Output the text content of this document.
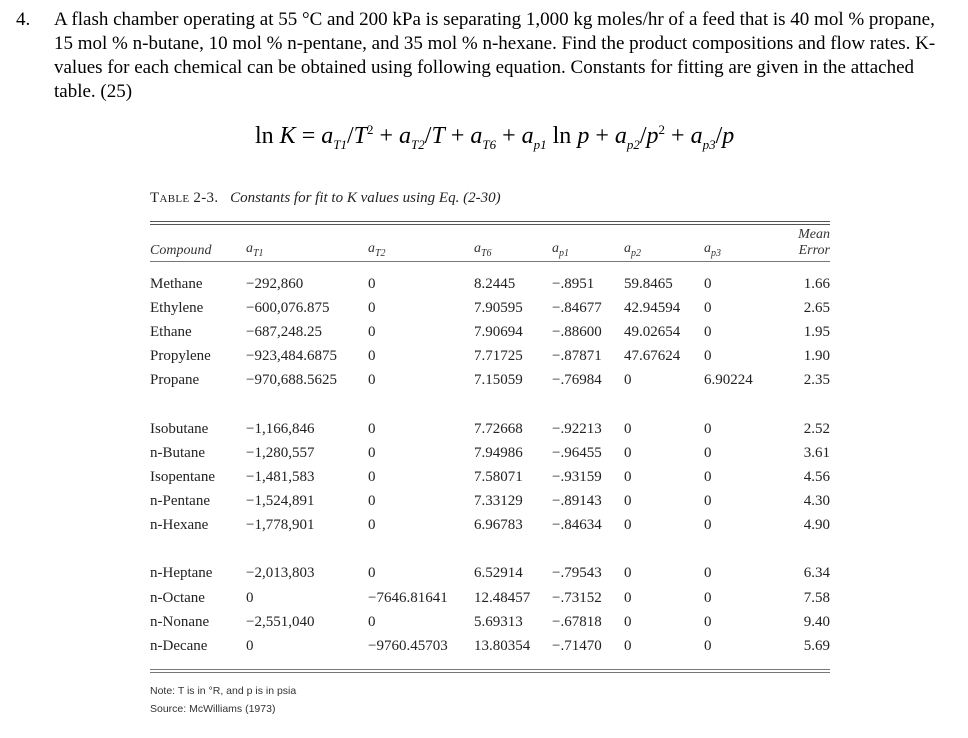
4. A flash chamber operating at 55 °C and 200 kPa is separating 1,000 kg moles/hr of a feed that is 40 mol % propane, 15 mol % n-butane, 10 mol % n-pentane, and 35 mol % n-hexane. Find the product compositions and flow rates. K-values for each chemical can be obtained using following equation. Constants for fitting are given in the attached table. (25)
$\ln K = a_{T1}/T^2 + a_{T2}/T + a_{T6} + a_{p1}$ $\ln p + a_{p2}/p^2 + a_{p3}/p$
Table 2-3. Constants for fit to K values using Eq. (2-30)
Compound	$a_{T1}$	$a_{T2}$	$a_{T6}$	$a_{p1}$	$a_{p2}$	$a_{p3}$	Mean
Error
Methane	−292,860	0	8.2445	−.8951	59.8465	0	1.66
Ethylene	−600,076.875	0	7.90595	−.84677	42.94594	0	2.65
Ethane	−687,248.25	0	7.90694	−.88600	49.02654	0	1.95
Propylene	−923,484.6875	0	7.71725	−.87871	47.67624	0	1.90
Propane	−970,688.5625	0	7.15059	−.76984	0	6.90224	2.35

Isobutane	−1,166,846	0	7.72668	−.92213	0	0	2.52
n-Butane	−1,280,557	0	7.94986	−.96455	0	0	3.61
Isopentane	−1,481,583	0	7.58071	−.93159	0	0	4.56
n-Pentane	−1,524,891	0	7.33129	−.89143	0	0	4.30
n-Hexane	−1,778,901	0	6.96783	−.84634	0	0	4.90

n-Heptane	−2,013,803	0	6.52914	−.79543	0	0	6.34
n-Octane	0	−7646.81641	12.48457	−.73152	0	0	7.58
n-Nonane	−2,551,040	0	5.69313	−.67818	0	0	9.40
n-Decane	0	−9760.45703	13.80354	−.71470	0	0	5.69
Note: T is in °R, and p is in psia
Source: McWilliams (1973)
